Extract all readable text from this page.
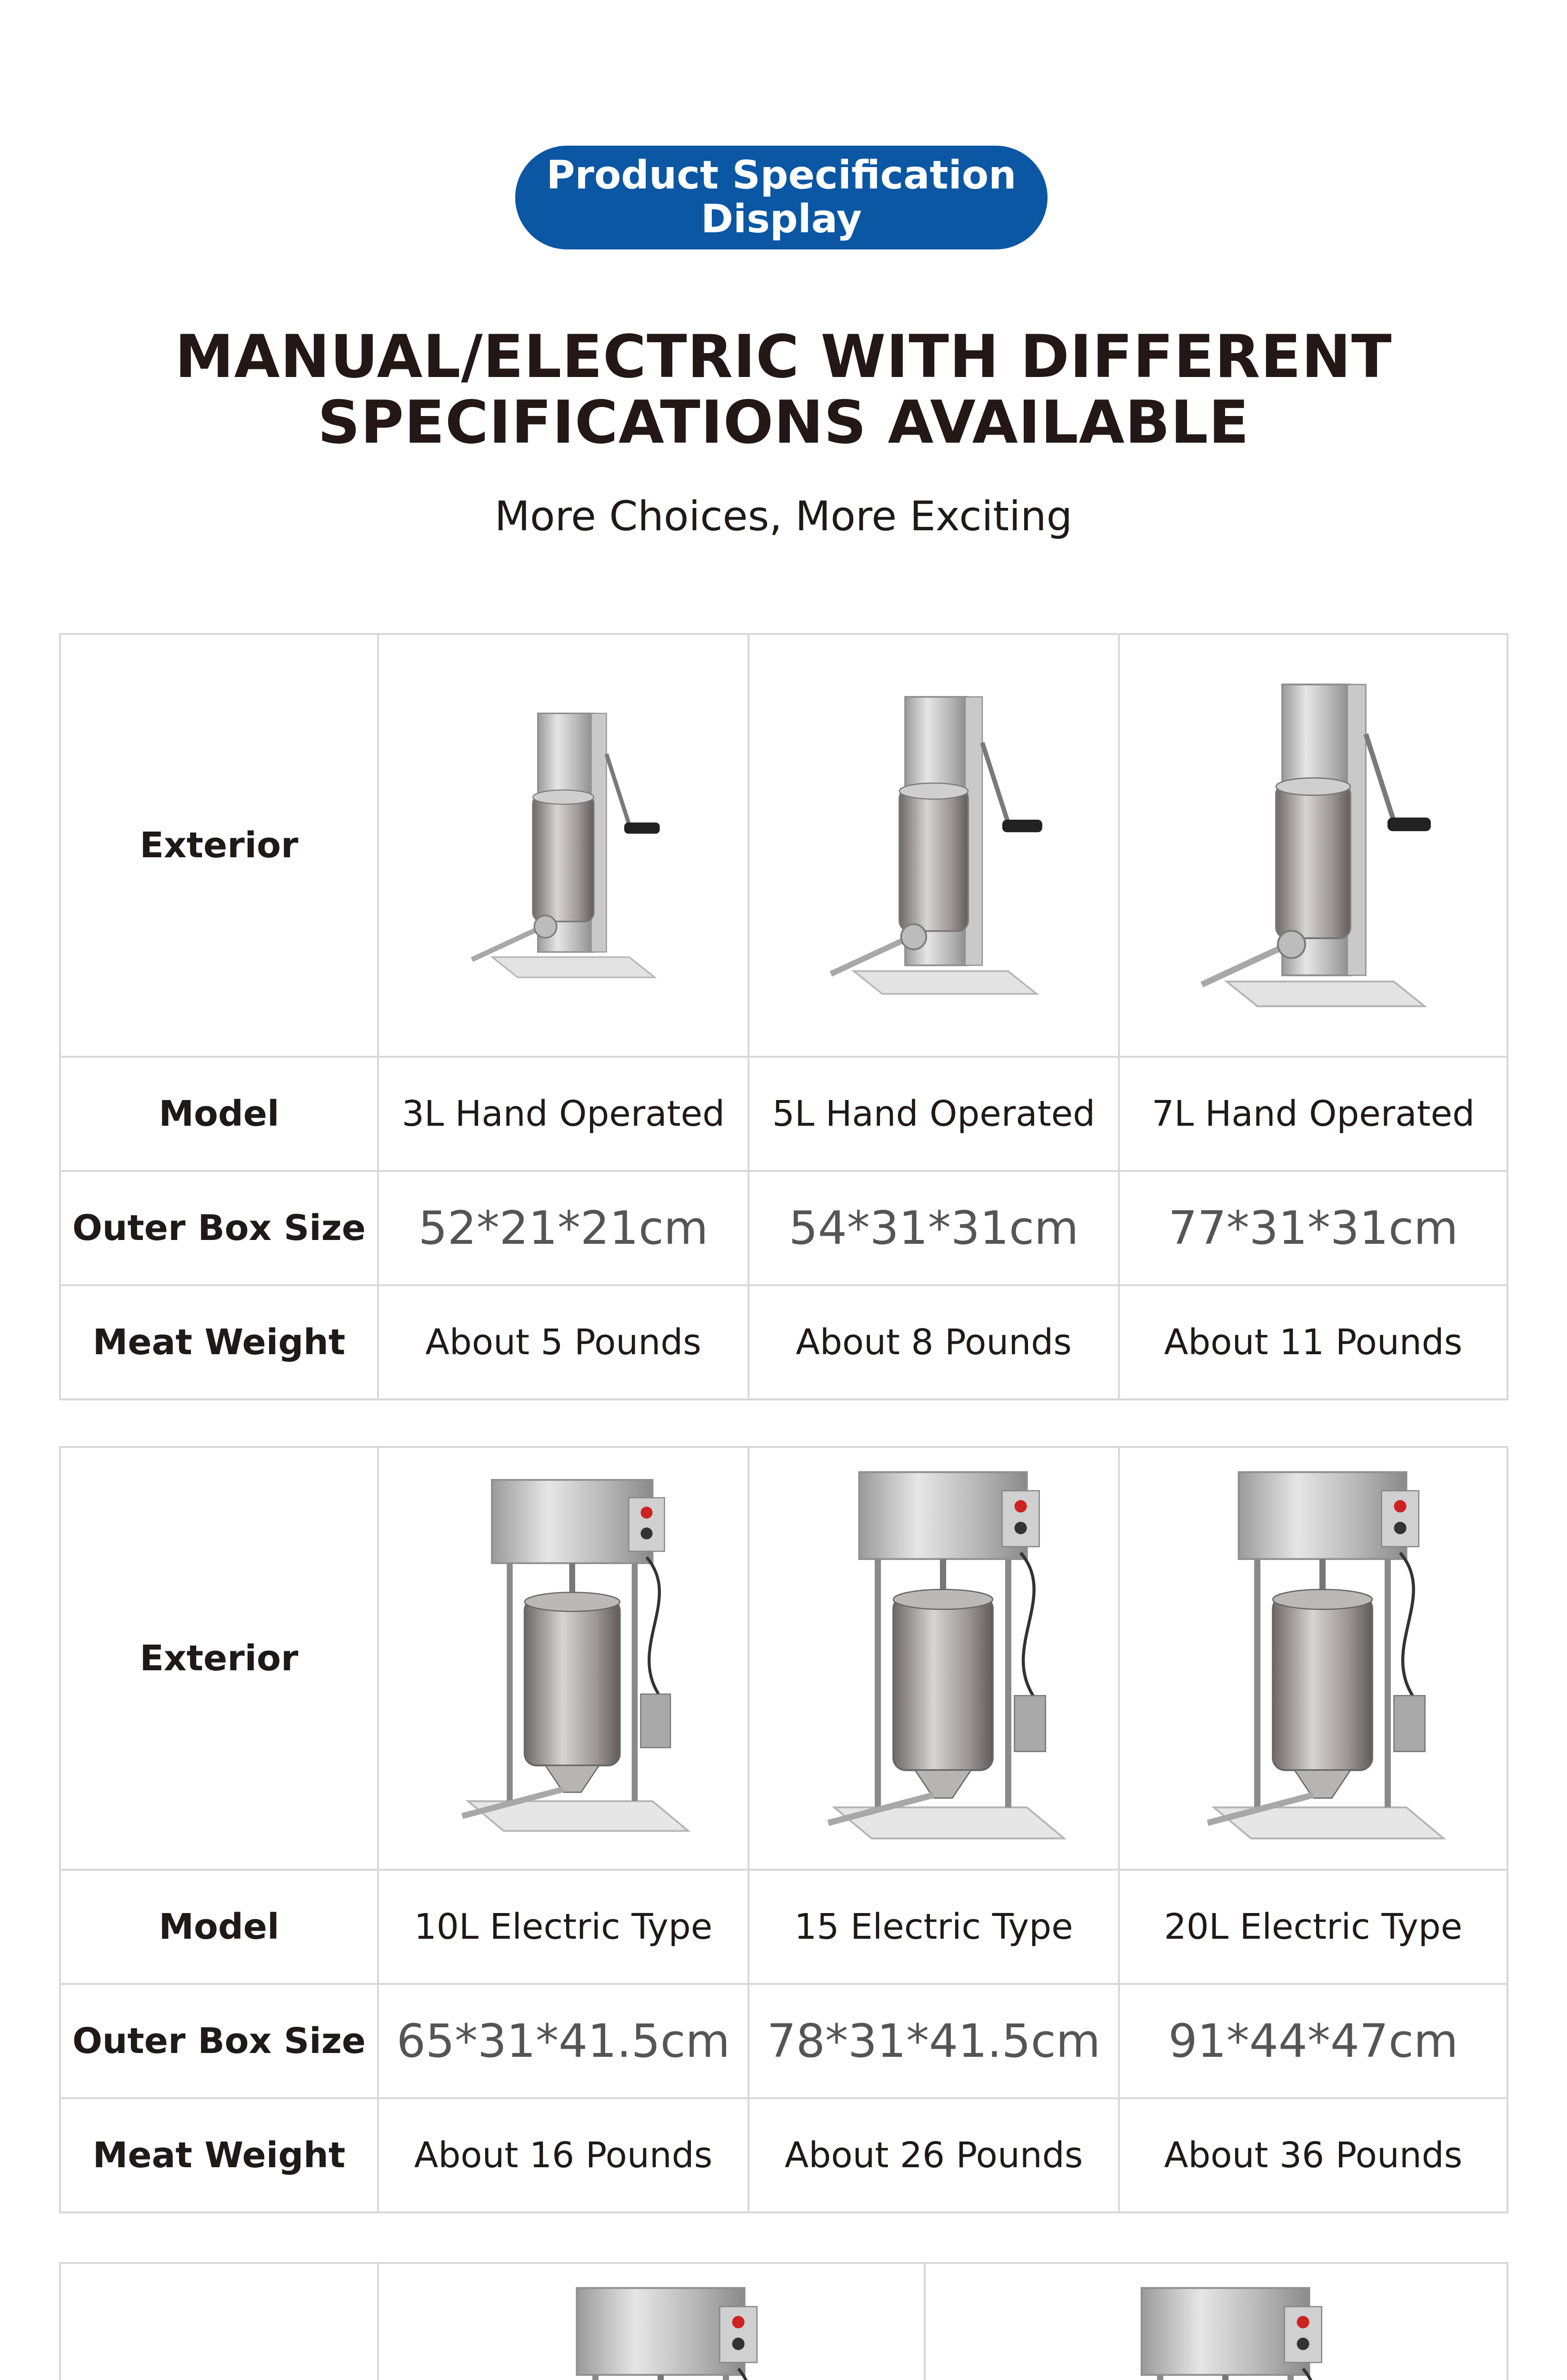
Product Specification
Display
MANUAL/ELECTRIC WITH DIFFERENT
SPECIFICATIONS AVAILABLE
More Choices, More Exciting
Exterior	

Model	3L Hand Operated	5L Hand Operated	7L Hand Operated
Outer Box Size	52*21*21cm	54*31*31cm	77*31*31cm
Meat Weight	About 5 Pounds	About 8 Pounds	About 11 Pounds
Exterior	

Model	10L Electric Type	15 Electric Type	20L Electric Type
Outer Box Size	65*31*41.5cm	78*31*41.5cm	91*44*47cm
Meat Weight	About 16 Pounds	About 26 Pounds	About 36 Pounds
